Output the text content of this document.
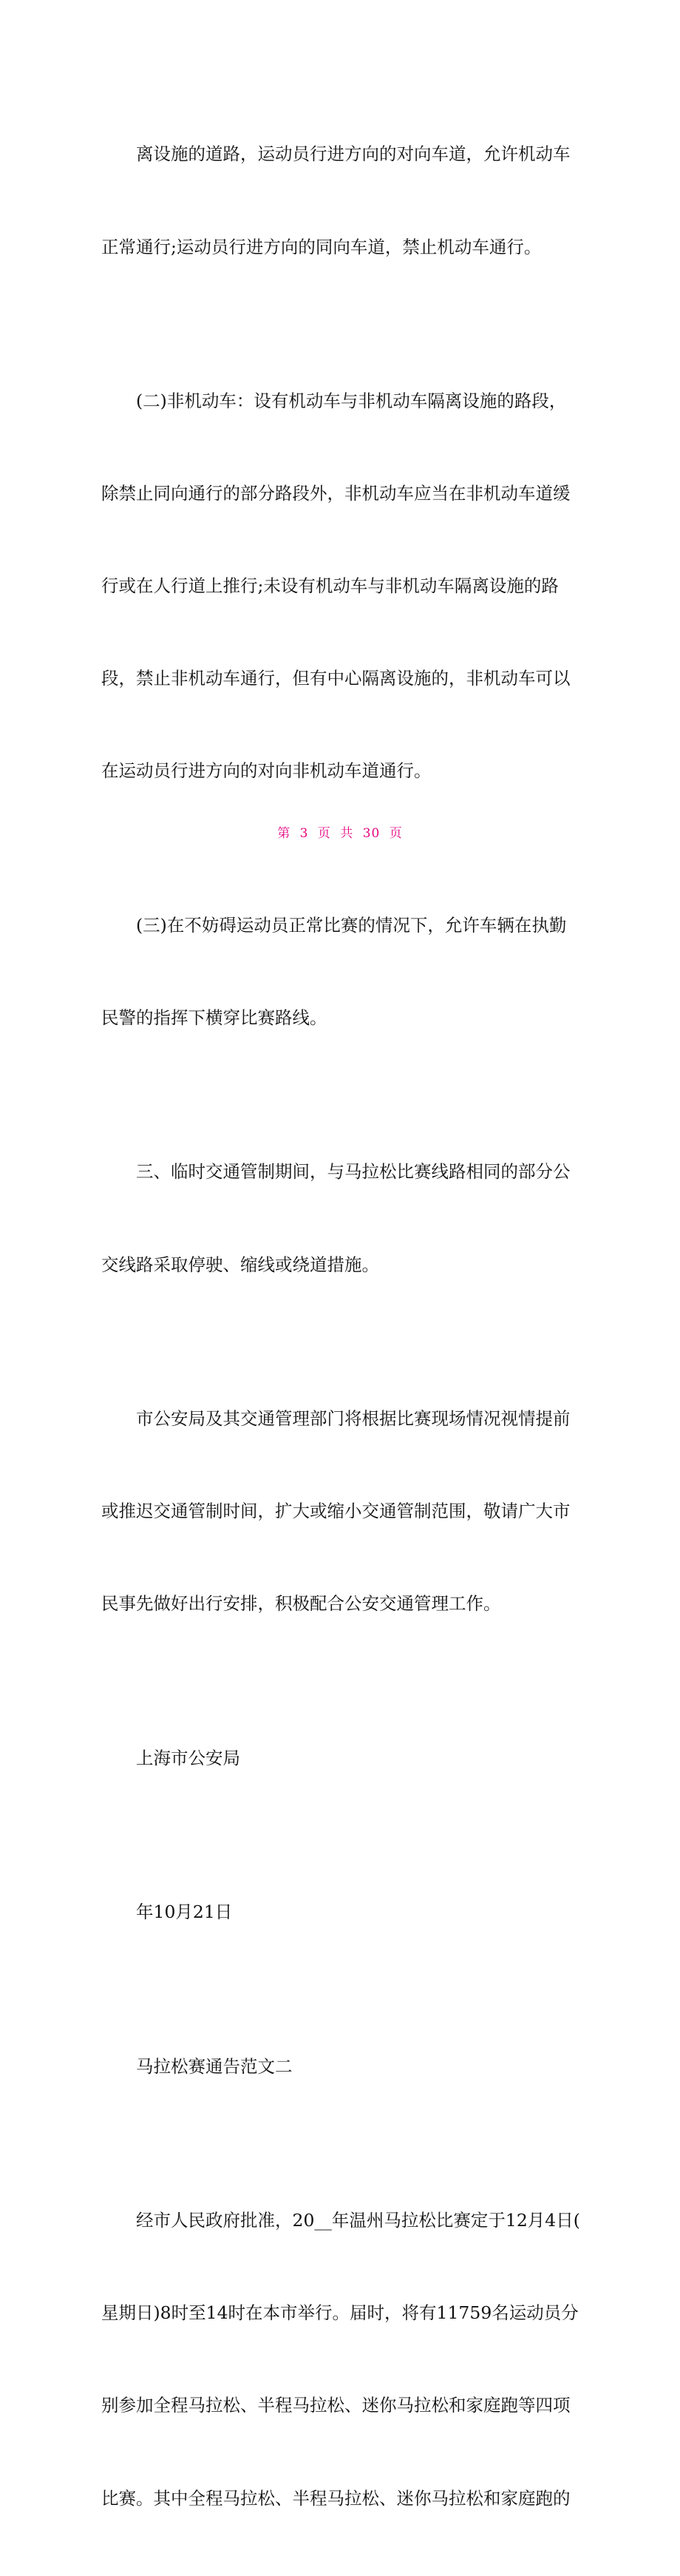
离设施的道路，运动员行进方向的对向车道，允许机动车

正常通行;运动员行进方向的同向车道，禁止机动车通行。

(二)非机动车：设有机动车与非机动车隔离设施的路段，

除禁止同向通行的部分路段外，非机动车应当在非机动车道缓

行或在人行道上推行;未设有机动车与非机动车隔离设施的路

段，禁止非机动车通行，但有中心隔离设施的，非机动车可以

在运动员行进方向的对向非机动车道通行。

(三)在不妨碍运动员正常比赛的情况下，允许车辆在执勤

民警的指挥下横穿比赛路线。

三、临时交通管制期间，与马拉松比赛线路相同的部分公

交线路采取停驶、缩线或绕道措施。

市公安局及其交通管理部门将根据比赛现场情况视情提前

或推迟交通管制时间，扩大或缩小交通管制范围，敬请广大市

民事先做好出行安排，积极配合公安交通管理工作。

上海市公安局

年10月21日

马拉松赛通告范文二

经市人民政府批准，20__年温州马拉松比赛定于12月4日(

星期日)8时至14时在本市举行。届时，将有11759名运动员分

别参加全程马拉松、半程马拉松、迷你马拉松和家庭跑等四项

比赛。其中全程马拉松、半程马拉松、迷你马拉松和家庭跑的

第 3 页 共 30 页
